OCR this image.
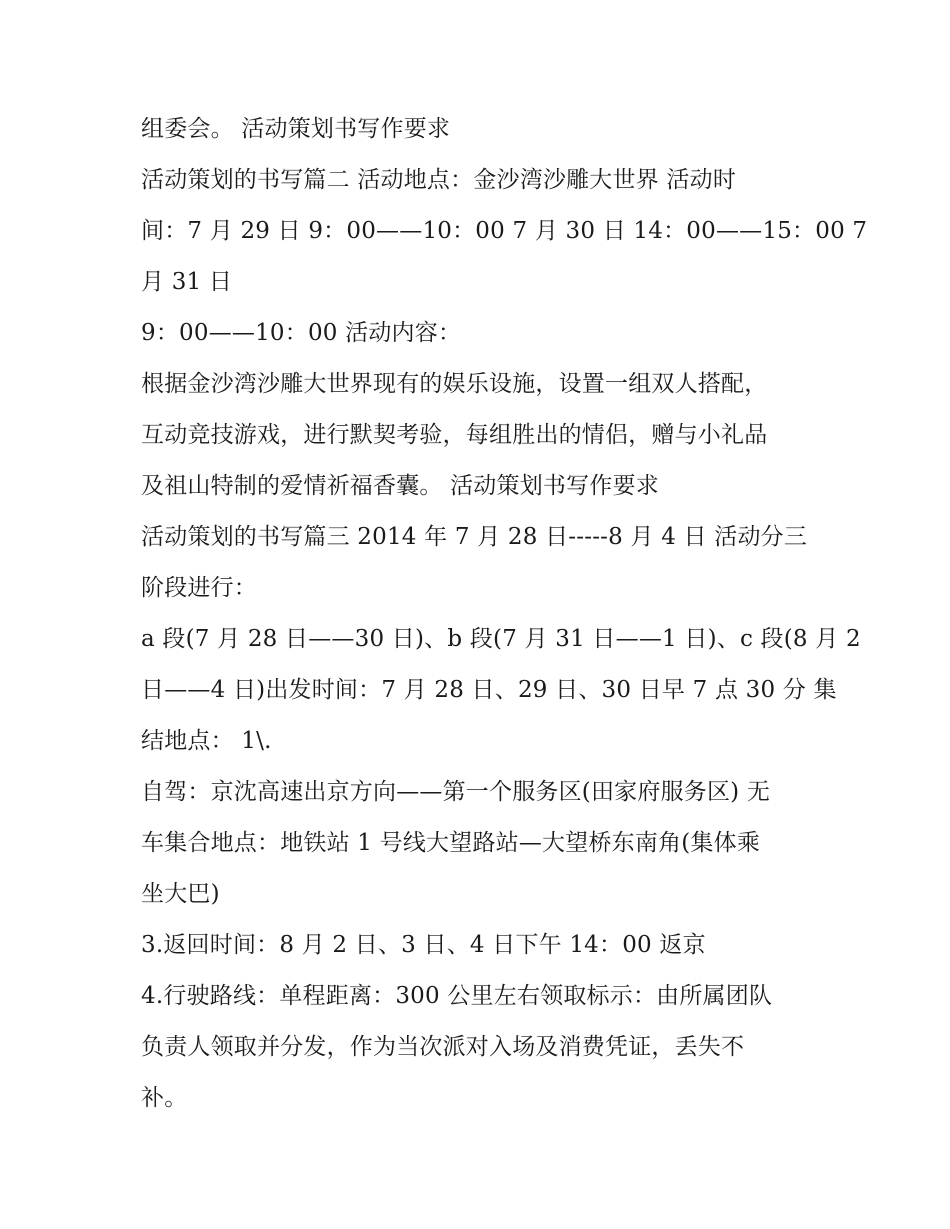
组委会。 活动策划书写作要求
活动策划的书写篇二 活动地点：金沙湾沙雕大世界 活动时
间：7 月 29 日 9：00——10：00 7 月 30 日 14：00——15：00 7
月 31 日
9：00——10：00 活动内容：
根据金沙湾沙雕大世界现有的娱乐设施，设置一组双人搭配，
互动竞技游戏，进行默契考验，每组胜出的情侣，赠与小礼品
及祖山特制的爱情祈福香囊。 活动策划书写作要求
活动策划的书写篇三 2014 年 7 月 28 日-----8 月 4 日 活动分三
阶段进行：
a 段(7 月 28 日——30 日)、b 段(7 月 31 日——1 日)、c 段(8 月 2
日——4 日)出发时间：7 月 28 日、29 日、30 日早 7 点 30 分 集
结地点： 1\.
自驾：京沈高速出京方向——第一个服务区(田家府服务区) 无
车集合地点：地铁站 1 号线大望路站—大望桥东南角(集体乘
坐大巴)
3.返回时间：8 月 2 日、3 日、4 日下午 14：00 返京
4.行驶路线：单程距离：300 公里左右领取标示：由所属团队
负责人领取并分发，作为当次派对入场及消费凭证，丢失不
补。
